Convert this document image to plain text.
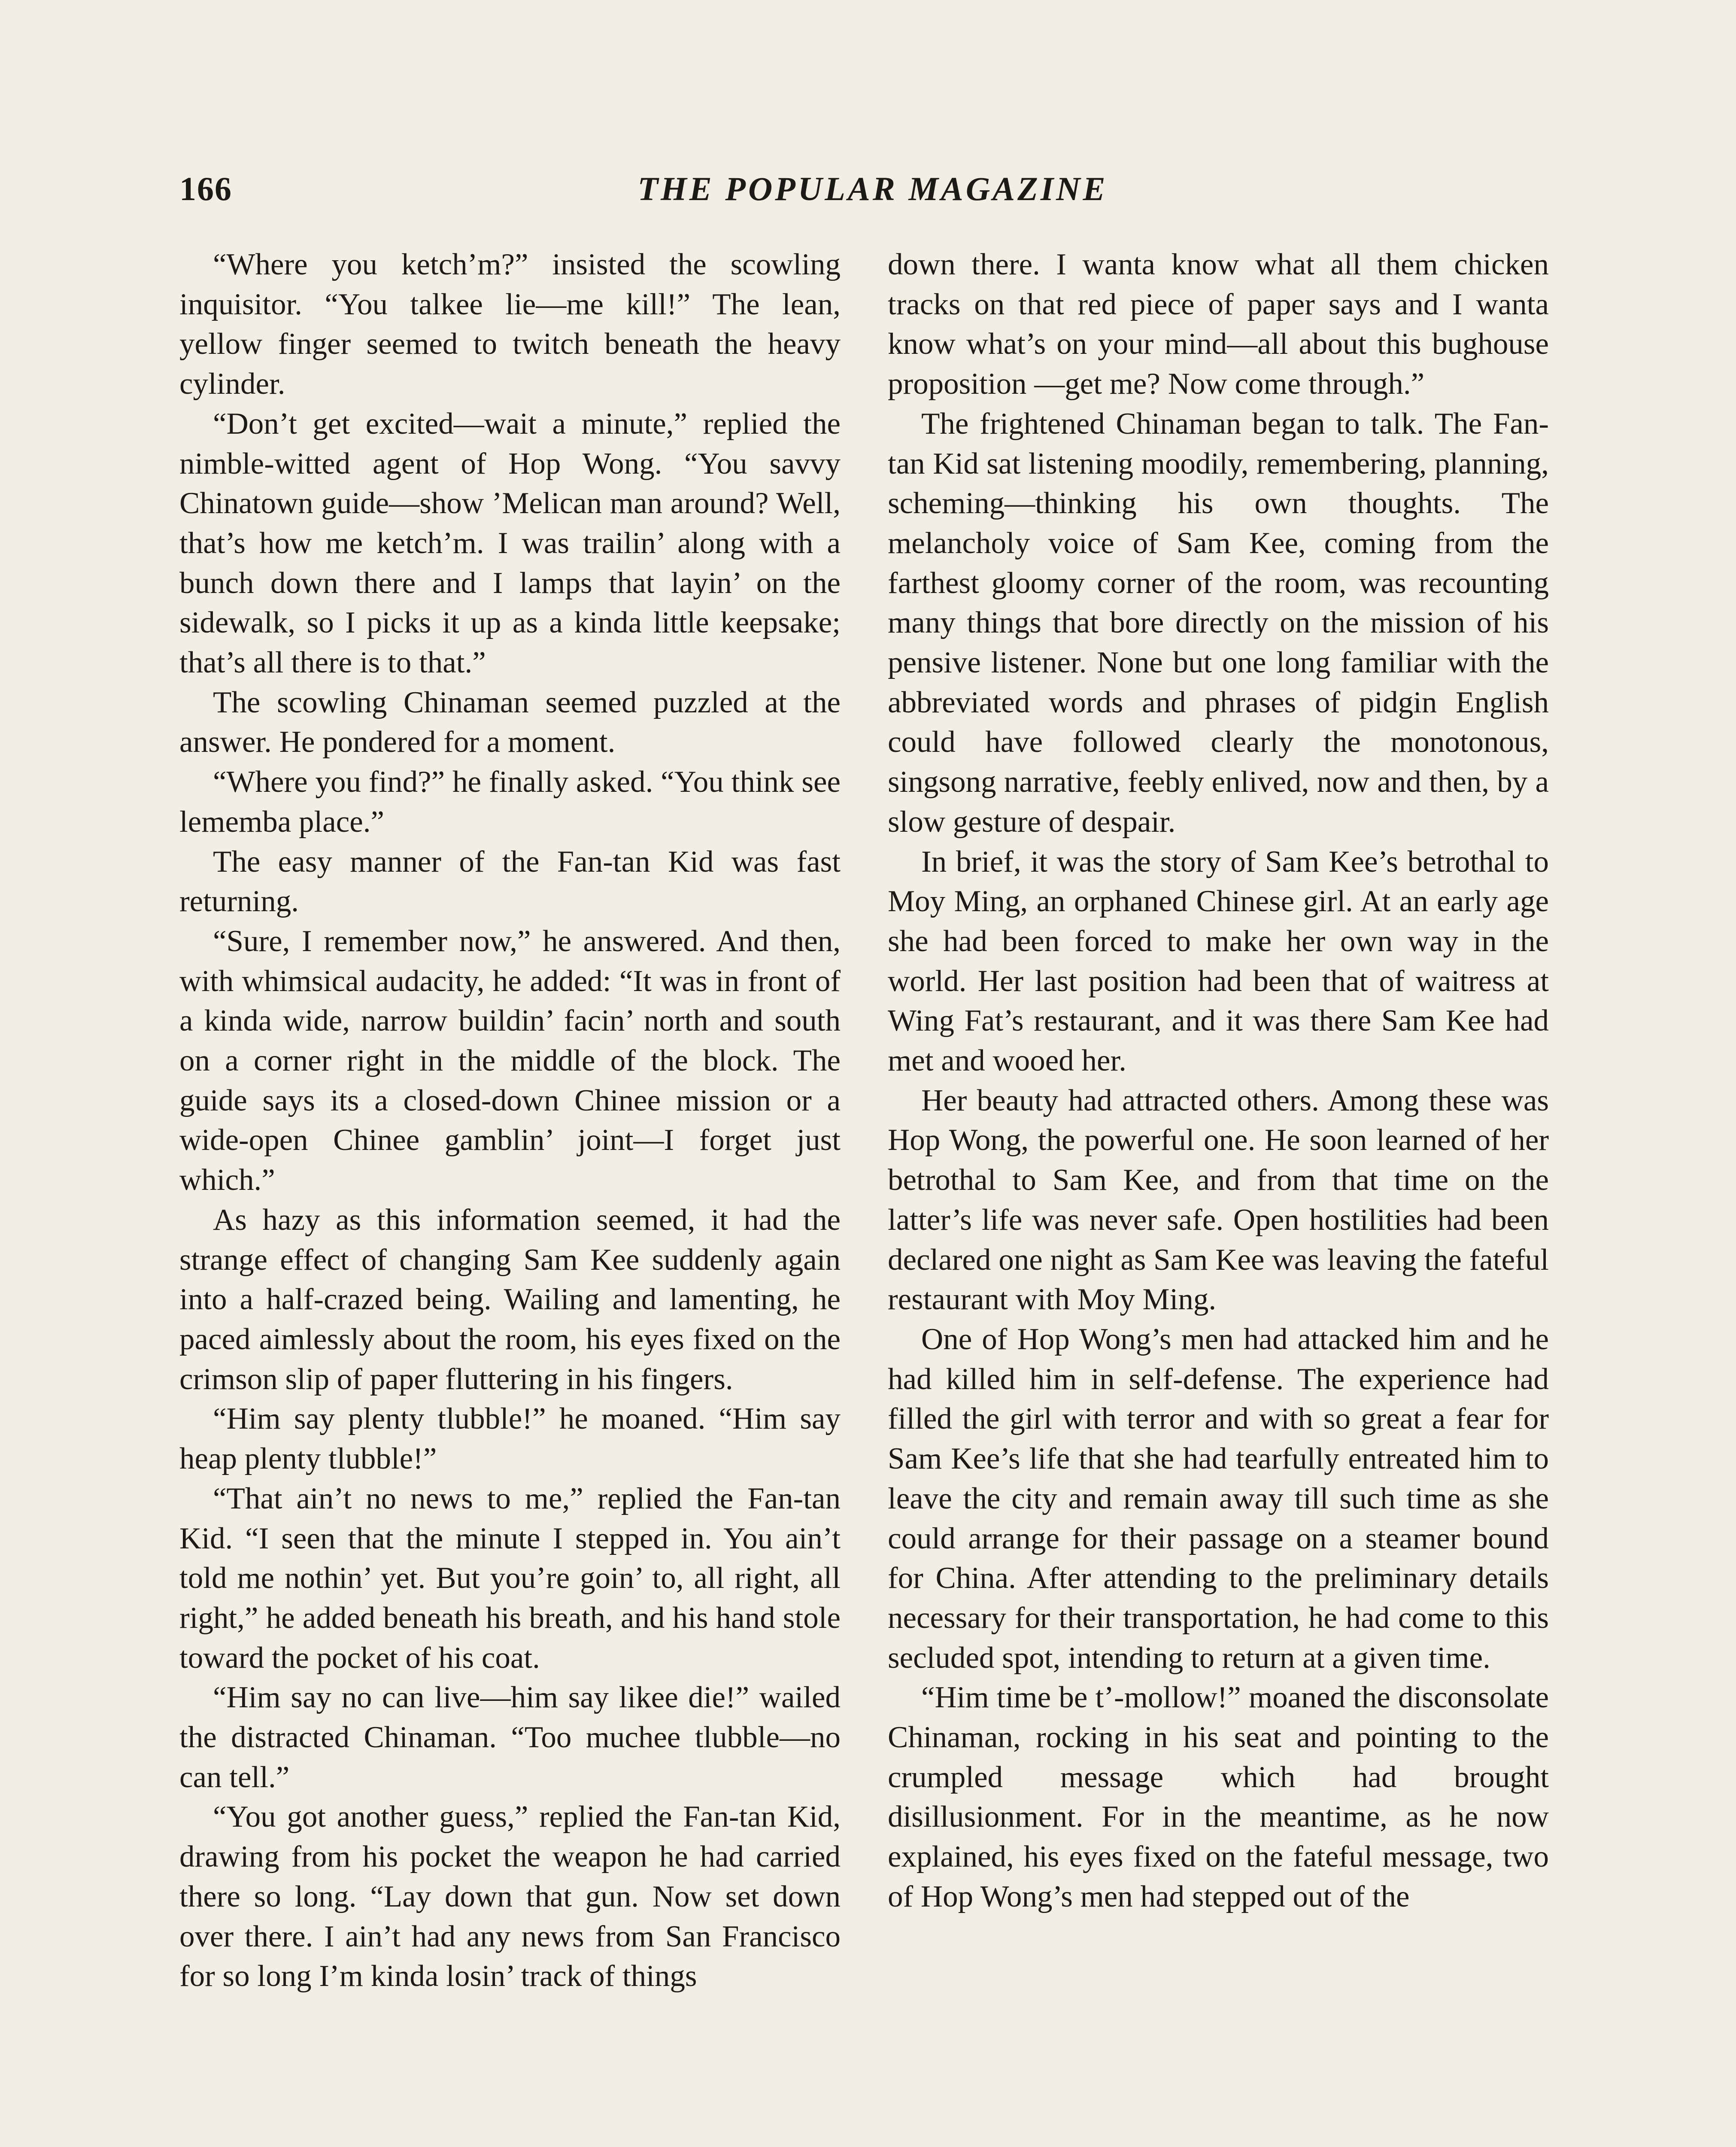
166	THE POPULAR MAGAZINE

“Where you ketch’m?” insisted the scowling inquisitor. “You talkee lie—me kill!” The lean, yellow finger seemed to twitch beneath the heavy cylinder.

“Don’t get excited—wait a minute,” replied the nimble-witted agent of Hop Wong. “You savvy Chinatown guide—show ’Melican man around? Well, that’s how me ketch’m. I was trailin’ along with a bunch down there and I lamps that layin’ on the sidewalk, so I picks it up as a kinda little keepsake; that’s all there is to that.”

The scowling Chinaman seemed puzzled at the answer. He pondered for a moment.

“Where you find?” he finally asked. “You think see lememba place.”

The easy manner of the Fan-tan Kid was fast returning.

“Sure, I remember now,” he answered. And then, with whimsical audacity, he added: “It was in front of a kinda wide, narrow buildin’ facin’ north and south on a corner right in the middle of the block. The guide says its a closed-down Chinee mission or a wide-open Chinee gamblin’ joint—I forget just which.”

As hazy as this information seemed, it had the strange effect of changing Sam Kee suddenly again into a half-crazed being. Wailing and lamenting, he paced aimlessly about the room, his eyes fixed on the crimson slip of paper fluttering in his fingers.

“Him say plenty tlubble!” he moaned. “Him say heap plenty tlubble!”

“That ain’t no news to me,” replied the Fan-tan Kid. “I seen that the minute I stepped in. You ain’t told me nothin’ yet. But you’re goin’ to, all right, all right,” he added beneath his breath, and his hand stole toward the pocket of his coat.

“Him say no can live—him say likee die!” wailed the distracted Chinaman. “Too muchee tlubble—no can tell.”

“You got another guess,” replied the Fan-tan Kid, drawing from his pocket the weapon he had carried there so long. “Lay down that gun. Now set down over there. I ain’t had any news from San Francisco for so long I’m kinda losin’ track of things

down there. I wanta know what all them chicken tracks on that red piece of paper says and I wanta know what’s on your mind—all about this bughouse proposition —get me? Now come through.”

The frightened Chinaman began to talk. The Fan-tan Kid sat listening moodily, remembering, planning, scheming—thinking his own thoughts. The melancholy voice of Sam Kee, coming from the farthest gloomy corner of the room, was recounting many things that bore directly on the mission of his pensive listener. None but one long familiar with the abbreviated words and phrases of pidgin English could have followed clearly the monotonous, singsong narrative, feebly enlived, now and then, by a slow gesture of despair.

In brief, it was the story of Sam Kee’s betrothal to Moy Ming, an orphaned Chinese girl. At an early age she had been forced to make her own way in the world. Her last position had been that of waitress at Wing Fat’s restaurant, and it was there Sam Kee had met and wooed her.

Her beauty had attracted others. Among these was Hop Wong, the powerful one. He soon learned of her betrothal to Sam Kee, and from that time on the latter’s life was never safe. Open hostilities had been declared one night as Sam Kee was leaving the fateful restaurant with Moy Ming.

One of Hop Wong’s men had attacked him and he had killed him in self-defense. The experience had filled the girl with terror and with so great a fear for Sam Kee’s life that she had tearfully entreated him to leave the city and remain away till such time as she could arrange for their passage on a steamer bound for China. After attending to the preliminary details necessary for their transportation, he had come to this secluded spot, intending to return at a given time.

“Him time be t’-mollow!” moaned the disconsolate Chinaman, rocking in his seat and pointing to the crumpled message which had brought disillusionment. For in the meantime, as he now explained, his eyes fixed on the fateful message, two of Hop Wong’s men had stepped out of the
